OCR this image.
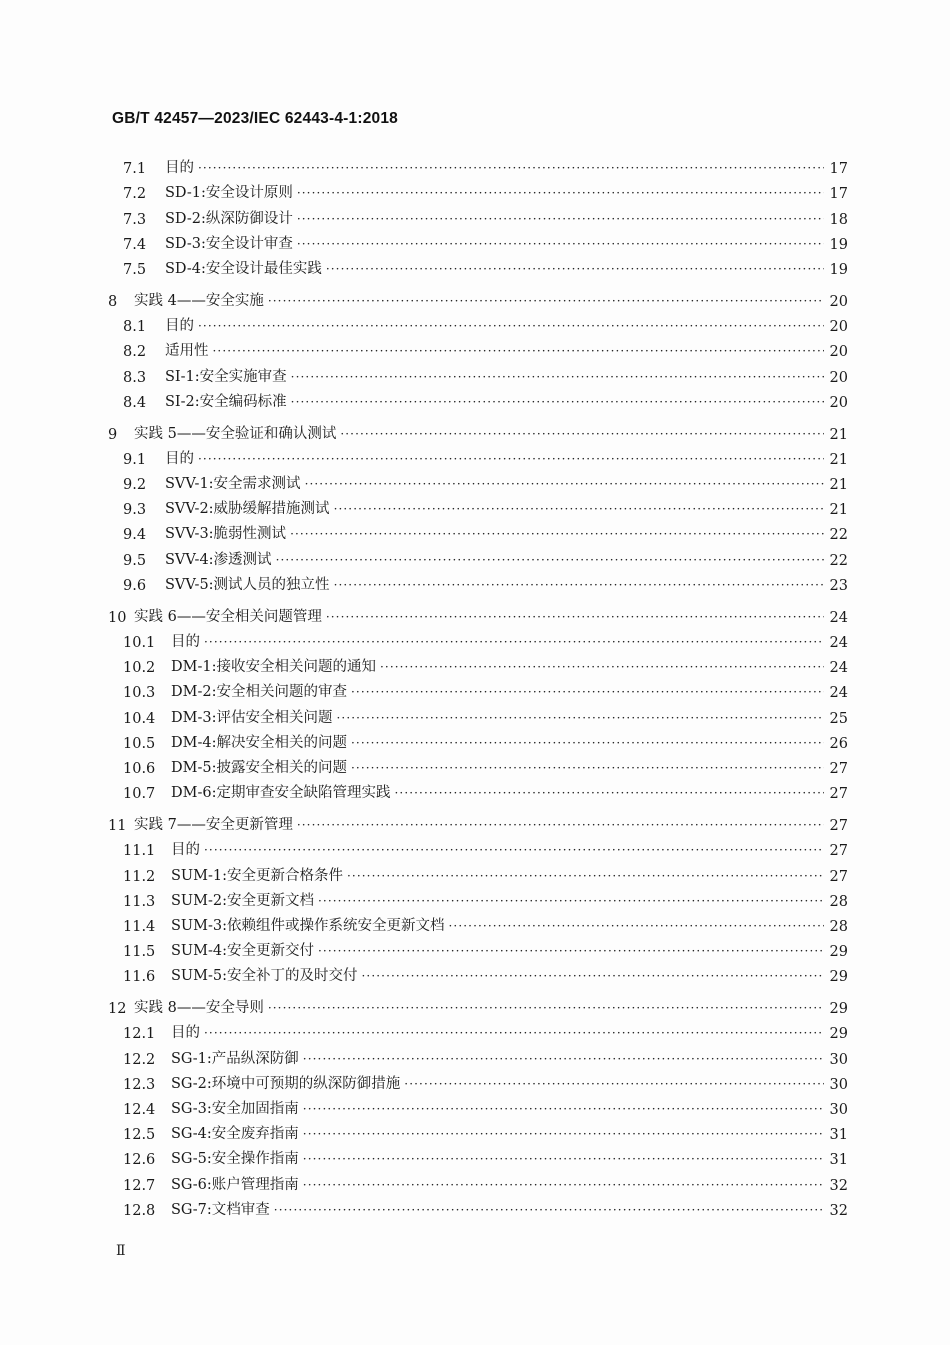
GB/T 42457—2023/IEC 62443-4-1:2018
7.1	目的 ·····	17
7.2	SD-1:安全设计原则 ·····	17
7.3	SD-2:纵深防御设计 ·····	18
7.4	SD-3:安全设计审查 ·····	19
7.5	SD-4:安全设计最佳实践 ·····	19
8	实践 4——安全实施 ·····	20
8.1	目的 ·····	20
8.2	适用性 ·····	20
8.3	SI-1:安全实施审查 ·····	20
8.4	SI-2:安全编码标准 ·····	20
9	实践 5——安全验证和确认测试 ·····	21
9.1	目的 ·····	21
9.2	SVV-1:安全需求测试 ·····	21
9.3	SVV-2:威胁缓解措施测试 ·····	21
9.4	SVV-3:脆弱性测试 ·····	22
9.5	SVV-4:渗透测试 ·····	22
9.6	SVV-5:测试人员的独立性 ·····	23
10 实践 6——安全相关问题管理 ·····	24
10.1	目的 ·····	24
10.2	DM-1:接收安全相关问题的通知 ·····	24
10.3	DM-2:安全相关问题的审查 ·····	24
10.4	DM-3:评估安全相关问题 ·····	25
10.5	DM-4:解决安全相关的问题 ·····	26
10.6	DM-5:披露安全相关的问题 ·····	27
10.7	DM-6:定期审查安全缺陷管理实践 ·····	27
11 实践 7——安全更新管理 ·····	27
11.1	目的 ·····	27
11.2	SUM-1:安全更新合格条件 ·····	27
11.3	SUM-2:安全更新文档 ·····	28
11.4	SUM-3:依赖组件或操作系统安全更新文档 ·····	28
11.5	SUM-4:安全更新交付 ·····	29
11.6	SUM-5:安全补丁的及时交付 ·····	29
12 实践 8——安全导则 ·····	29
12.1	目的 ·····	29
12.2	SG-1:产品纵深防御 ·····	30
12.3	SG-2:环境中可预期的纵深防御措施 ·····	30
12.4	SG-3:安全加固指南 ·····	30
12.5	SG-4:安全废弃指南 ·····	31
12.6	SG-5:安全操作指南 ·····	31
12.7	SG-6:账户管理指南 ·····	32
12.8	SG-7:文档审查 ·····	32
Ⅱ
